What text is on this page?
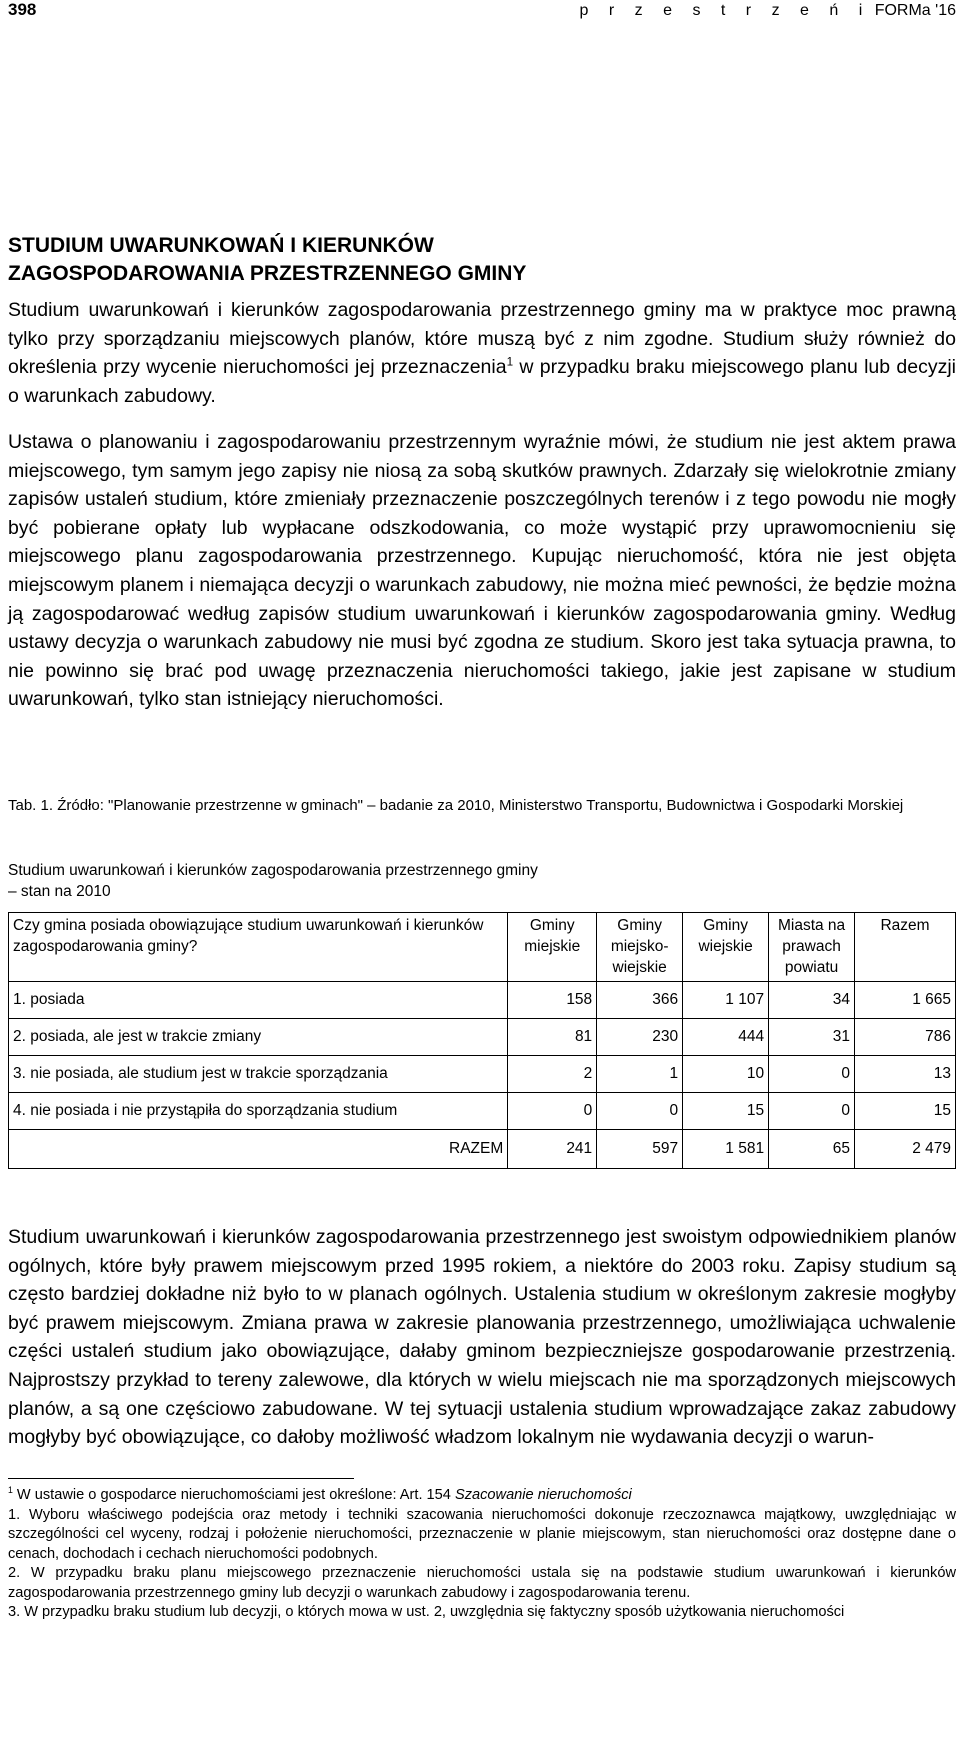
398	p r z e s t r z e ń i FORMa '16
STUDIUM UWARUNKOWAŃ I KIERUNKÓW
ZAGOSPODAROWANIA PRZESTRZENNEGO GMINY
Studium uwarunkowań i kierunków zagospodarowania przestrzennego gminy ma w praktyce moc prawną tylko przy sporządzaniu miejscowych planów, które muszą być z nim zgodne. Studium służy również do określenia przy wycenie nieruchomości jej przeznaczenia$^1$ w przypadku braku miejscowego planu lub decyzji o warunkach zabudowy.
Ustawa o planowaniu i zagospodarowaniu przestrzennym wyraźnie mówi, że studium nie jest aktem prawa miejscowego, tym samym jego zapisy nie niosą za sobą skutków prawnych. Zdarzały się wielokrotnie zmiany zapisów ustaleń studium, które zmieniały przeznaczenie poszczególnych terenów i z tego powodu nie mogły być pobierane opłaty lub wypłacane odszkodowania, co może wystąpić przy uprawomocnieniu się miejscowego planu zagospodarowania przestrzennego. Kupując nieruchomość, która nie jest objęta miejscowym planem i niemająca decyzji o warunkach zabudowy, nie można mieć pewności, że będzie można ją zagospodarować według zapisów studium uwarunkowań i kierunków zagospodarowania gminy. Według ustawy decyzja o warunkach zabudowy nie musi być zgodna ze studium. Skoro jest taka sytuacja prawna, to nie powinno się brać pod uwagę przeznaczenia nieruchomości takiego, jakie jest zapisane w studium uwarunkowań, tylko stan istniejący nieruchomości.
Tab. 1. Źródło: "Planowanie przestrzenne w gminach" – badanie za 2010, Ministerstwo Transportu, Budownictwa i Gospodarki Morskiej
Studium uwarunkowań i kierunków zagospodarowania przestrzennego gminy
– stan na 2010
Czy gmina posiada obowiązujące studium uwarunkowań i kierunków zagospodarowania gminy?	Gminy miejskie	Gminy miejsko-wiejskie	Gminy wiejskie	Miasta na prawach powiatu	Razem
1. posiada	158	366	1 107	34	1 665
2. posiada, ale jest w trakcie zmiany	81	230	444	31	786
3. nie posiada, ale studium jest w trakcie sporządzania	2	1	10	0	13
4. nie posiada i nie przystąpiła do sporządzania studium	0	0	15	0	15
RAZEM	241	597	1 581	65	2 479
Studium uwarunkowań i kierunków zagospodarowania przestrzennego jest swoistym odpowiednikiem planów ogólnych, które były prawem miejscowym przed 1995 rokiem, a niektóre do 2003 roku. Zapisy studium są często bardziej dokładne niż było to w planach ogólnych. Ustalenia studium w określonym zakresie mogłyby być prawem miejscowym. Zmiana prawa w zakresie planowania przestrzennego, umożliwiająca uchwalenie części ustaleń studium jako obowiązujące, dałaby gminom bezpieczniejsze gospodarowanie przestrzenią. Najprostszy przykład to tereny zalewowe, dla których w wielu miejscach nie ma sporządzonych miejscowych planów, a są one częściowo zabudowane. W tej sytuacji ustalenia studium wprowadzające zakaz zabudowy mogłyby być obowiązujące, co dałoby możliwość władzom lokalnym nie wydawania decyzji o warun-

$^1$ W ustawie o gospodarce nieruchomościami jest określone: Art. 154 Szacowanie nieruchomości

1. Wyboru właściwego podejścia oraz metody i techniki szacowania nieruchomości dokonuje rzeczoznawca majątkowy, uwzględniając w szczególności cel wyceny, rodzaj i położenie nieruchomości, przeznaczenie w planie miejscowym, stan nieruchomości oraz dostępne dane o cenach, dochodach i cechach nieruchomości podobnych.

2. W przypadku braku planu miejscowego przeznaczenie nieruchomości ustala się na podstawie studium uwarunkowań i kierunków zagospodarowania przestrzennego gminy lub decyzji o warunkach zabudowy i zagospodarowania terenu.

3. W przypadku braku studium lub decyzji, o których mowa w ust. 2, uwzględnia się faktyczny sposób użytkowania nieruchomości
